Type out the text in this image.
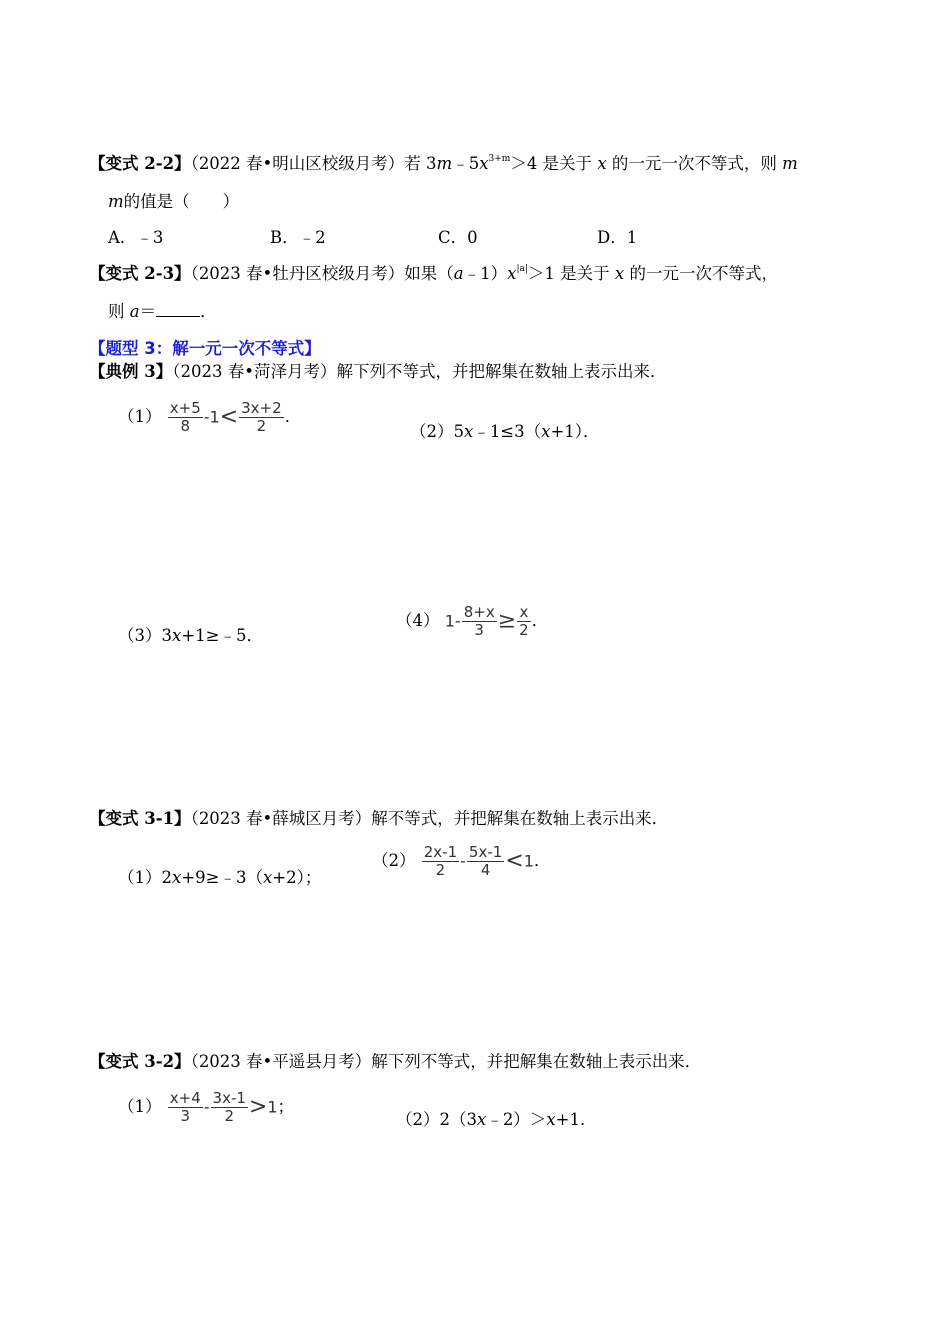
【变式 2-2】（2022 春•明山区校级月考）若 $3m﹣5x^{3+m}>4$ 是关于 x 的一元一次不等式，则 m
m的值是（　　）
A．﹣3	B．﹣2	C．0	D．1
【变式 2-3】（2023 春•牡丹区校级月考）如果$(a﹣1)x^{|a|}>1$ 是关于 x 的一元一次不等式，
则 a＝	．
【题型 3：解一元一次不等式】
【典例 3】（2023 春•菏泽月考）解下列不等式，并把解集在数轴上表示出来．
$(1) \frac{x+5}{8} -1< \frac{3x+2}{2}$ ．
（2）5x﹣1≤3（x+1）．
（3）3x+1≥﹣5．
（4） $1- \frac{8+x}{3} \ge \frac{x}{2}$ ．
【变式 3-1】（2023 春•薛城区月考）解不等式，并把解集在数轴上表示出来．
（1）2x+9≥﹣3（x+2）；
$(2) \frac{2x-1}{2} - \frac{5x-1}{4} <1$．
【变式 3-2】（2023 春•平遥县月考）解下列不等式，并把解集在数轴上表示出来．
$(1) \frac{x+4}{3} - \frac{3x-1}{2} >1$；
（2）2（3x﹣2）＞x+1．
